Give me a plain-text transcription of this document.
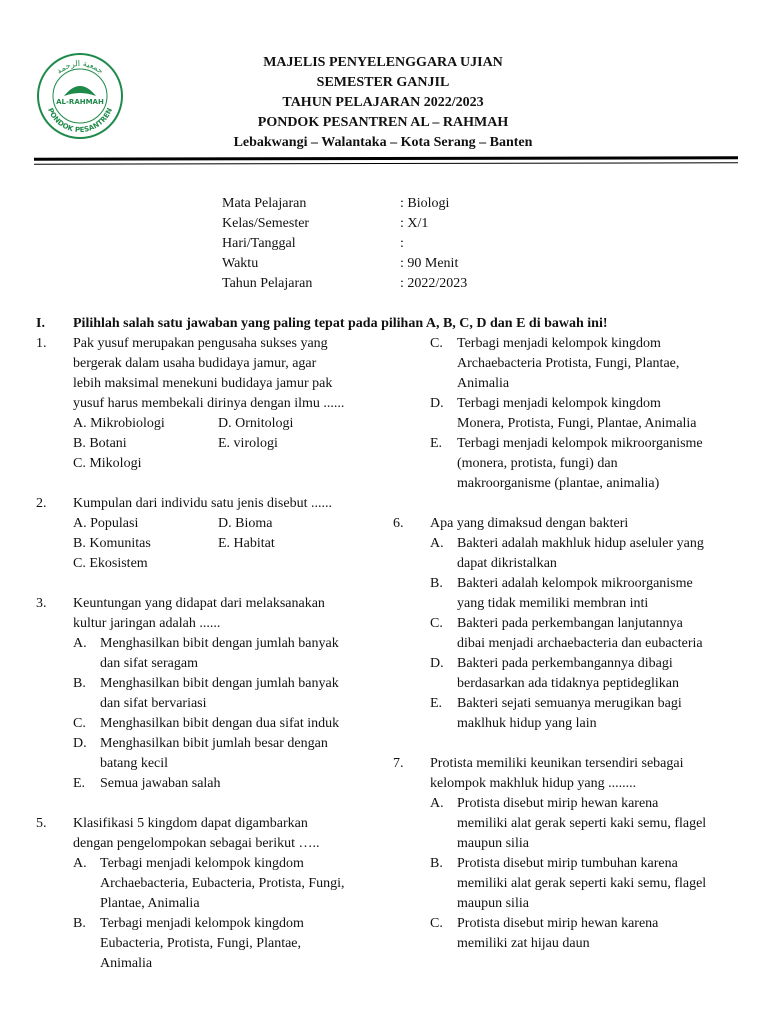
جمعية الرحمة
PONDOK PESANTREN
AL-RAHMAH
MAJELIS PENYELENGGARA UJIAN
SEMESTER GANJIL
TAHUN PELAJARAN 2022/2023
PONDOK PESANTREN AL – RAHMAH
Lebakwangi – Walantaka – Kota Serang – Banten
Mata Pelajaran	: Biologi
Kelas/Semester	: X/1
Hari/Tanggal	:
Waktu	: 90 Menit
Tahun Pelajaran	: 2022/2023
I. Pilihlah salah satu jawaban yang paling tepat pada pilihan A, B, C, D dan E di bawah ini!
1. Pak yusuf merupakan pengusaha sukses yang
bergerak dalam usaha budidaya jamur, agar
lebih maksimal menekuni budidaya jamur pak
yusuf harus membekali dirinya dengan ilmu ......
A. Mikrobiologi	D. Ornitologi
B. Botani	E. virologi
C. Mikologi
2. Kumpulan dari individu satu jenis disebut ......
A. Populasi	D. Bioma
B. Komunitas	E. Habitat
C. Ekosistem
3. Keuntungan yang didapat dari melaksanakan
kultur jaringan adalah ......
A. Menghasilkan bibit dengan jumlah banyak
dan sifat seragam
B. Menghasilkan bibit dengan jumlah banyak
dan sifat bervariasi
C. Menghasilkan bibit dengan dua sifat induk
D. Menghasilkan bibit jumlah besar dengan
batang kecil
E. Semua jawaban salah
5. Klasifikasi 5 kingdom dapat digambarkan
dengan pengelompokan sebagai berikut …..
A. Terbagi menjadi kelompok kingdom
Archaebacteria, Eubacteria, Protista, Fungi,
Plantae, Animalia
B. Terbagi menjadi kelompok kingdom
Eubacteria, Protista, Fungi, Plantae,
Animalia
C. Terbagi menjadi kelompok kingdom
Archaebacteria Protista, Fungi, Plantae,
Animalia
D. Terbagi menjadi kelompok kingdom
Monera, Protista, Fungi, Plantae, Animalia
E. Terbagi menjadi kelompok mikroorganisme
(monera, protista, fungi) dan
makroorganisme (plantae, animalia)
6. Apa yang dimaksud dengan bakteri
A. Bakteri adalah makhluk hidup aseluler yang
dapat dikristalkan
B. Bakteri adalah kelompok mikroorganisme
yang tidak memiliki membran inti
C. Bakteri pada perkembangan lanjutannya
dibai menjadi archaebacteria dan eubacteria
D. Bakteri pada perkembangannya dibagi
berdasarkan ada tidaknya peptideglikan
E. Bakteri sejati semuanya merugikan bagi
maklhuk hidup yang lain
7. Protista memiliki keunikan tersendiri sebagai
kelompok makhluk hidup yang ........
A. Protista disebut mirip hewan karena
memiliki alat gerak seperti kaki semu, flagel
maupun silia
B. Protista disebut mirip tumbuhan karena
memiliki alat gerak seperti kaki semu, flagel
maupun silia
C. Protista disebut mirip hewan karena
memiliki zat hijau daun
